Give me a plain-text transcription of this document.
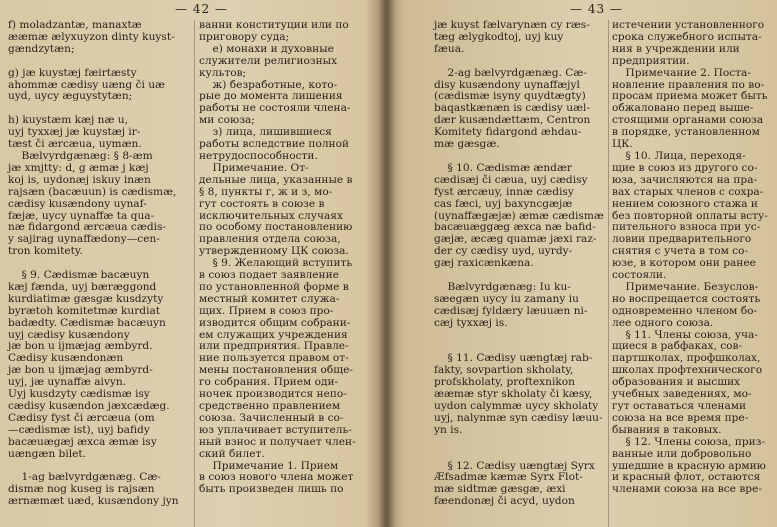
— 42 —
f) moladzantæ, manaxtæ
ææmæ ælyxuyzon dinty kuyst-
gændzytæn;

g) jæ kuystæj fæirtæsty
ahommæ cædisy uæng či uæ
uyd, uycy æguystytæn;

h) kuystæm kæj næ u,
uyj tyxxæj jæ kuystæj ir-
tæst či ærcæua, uymæn.
Bælvyrdgænæg: § 8-æm
jæ xmjtty: d, g æmæ j kæj
koj is, uydonæj iskuy inæn
rajsæn (bacæuun) is cædismæ,
cædisy kusændony uynaf-
fæjæ, uycy uynaffæ ta qua-
næ fidargond ærcæua cædis-
y sajirag uynaffædony—cen-
tron komitety.

§ 9. Cædismæ bacæuyn
kæj fænda, uyj bæræggond
kurdiatimæ gæsgæ kusdzyty
byrætoh komitetmæ kurdiat
badædty. Cædismæ bacæuyn
uyj cædisy kusændony
jæ bon u ijmæjag æmbyrd.
Cædisy kusændonæn
jæ bon u ijmæjag æmbyrd-
uyj, jæ uynaffæ aivyn.
Uyj kusdzyty cædismæ isy
cædisy kusændon jæxcædæg.
Cædisy fyst či ærcæua (om
—cædismæ ist), uyj bafidy
bacæuægæj æxca æmæ isy
uængæn bilet.

1-ag bælvyrdgænæg. Cæ-
dismæ nog kuseg is rajsæn
ærnæmæt uæd, kusændony jyn
ванни конституции или по
приговору суда;
е) монахи и духовные
служители религиозных
культов;
ж) безработные, кото-
рые до момента лишения
работы не состояли члена-
ми союза;
з) лица, лишившиеся
работы вследствие полной
нетрудоспособности.
Примечание. От-
дельные лица, указанные в
§ 8, пункты г, ж и з, мо-
гут состоять в союзе в
исключительных случаях
по особому постановлению
правления отдела союза,
утвержденному ЦК союза.
§ 9. Желающий вступить
в союз подает заявление
по установленной форме в
местный комитет служа-
щих. Прием в союз про-
изводится общим собрани-
ем служащих учреждения
или предприятия. Правле-
ние пользуется правом от-
мены постановления обще-
го собрания. Прием оди-
ночек производится непо-
средственно правлением
союза. Зачисленный в со-
юз уплачивает вступитель-
ный взнос и получает член-
ский билет.
Примечание 1. Прием
в союз нового члена может
быть произведен лишь по
— 43 —
jæ kuyst fælvarynæn cy ræs-
tæg ælygkodtoj, uyj kuy
fæua.

2-ag bælvyrdgænæg. Cæ-
disy kusændony uynaffæjyl
(cædismæ isyny quydtægty)
baqastkænæn is cædisy uæl-
dær kusændættæm, Centron
Komitety fidargond æhdau-
mæ gæsgæ.

§ 10. Cædismæ ændær
cædisæj či cæua, uyj cædisy
fyst ærcæuy, innæ cædisy
cas fæci, uyj baxyncgæjæ
(uynaffægæjæ) æmæ cædismæ
bacæuæggæg æxca næ bafid-
gæjæ, æcæg quamæ jæxi raz-
der cy cædisy uyd, uyrdy-
gæj raxicænkæna.

Bælvyrdgænæg: Iu ku-
sæegæn uycy iu zamany iu
cædisæj fyldæry læuuæn ni-
cæj tyxxæj is.

§ 11. Cædisy uængtæj rab-
fakty, sovpartion skholaty,
profskholaty, proftexnikon
ææmæ styr skholaty či kæsy,
uydon calymmæ uycy skholaty
uyj, nalynmæ syn cædisy læuu-
yn is.

§ 12. Cædisy uængtæj Syrx
Æfsadmæ kæmæ Syrx Flot-
mæ sidtmæ gæsgæ, æxi
fæendonæj či acyd, uydon
истечении установленного
срока служебного испыта-
ния в учреждении или
предприятии.
Примечание 2. Поста-
новление правления по во-
просам приема может быть
обжаловано перед выше-
стоящими органами союза
в порядке, установленном
ЦК.
§ 10. Лица, переходя-
щие в союз из другого со-
юза, зачисляются на пра-
вах старых членов с сохра-
нением союзного стажа и
без повторной оплаты всту-
пительного взноса при ус-
ловии предварительного
снятия с учета в том со-
юзе, в котором они ранее
состояли.
Примечание. Безуслов-
но воспрещается состоять
одновременно членом бо-
лее одного союза.
§ 11. Члены союза, уча-
щиеся в рабфаках, сов-
партшколах, профшколах,
школах профтехнического
образования и высших
учебных заведениях, мо-
гут оставаться членами
союза на все время пре-
бывания в таковых.
§ 12. Члены союза, приз-
ванные или добровольно
ушедшие в красную армию
и красный флот, остаются
членами союза на все вре-
